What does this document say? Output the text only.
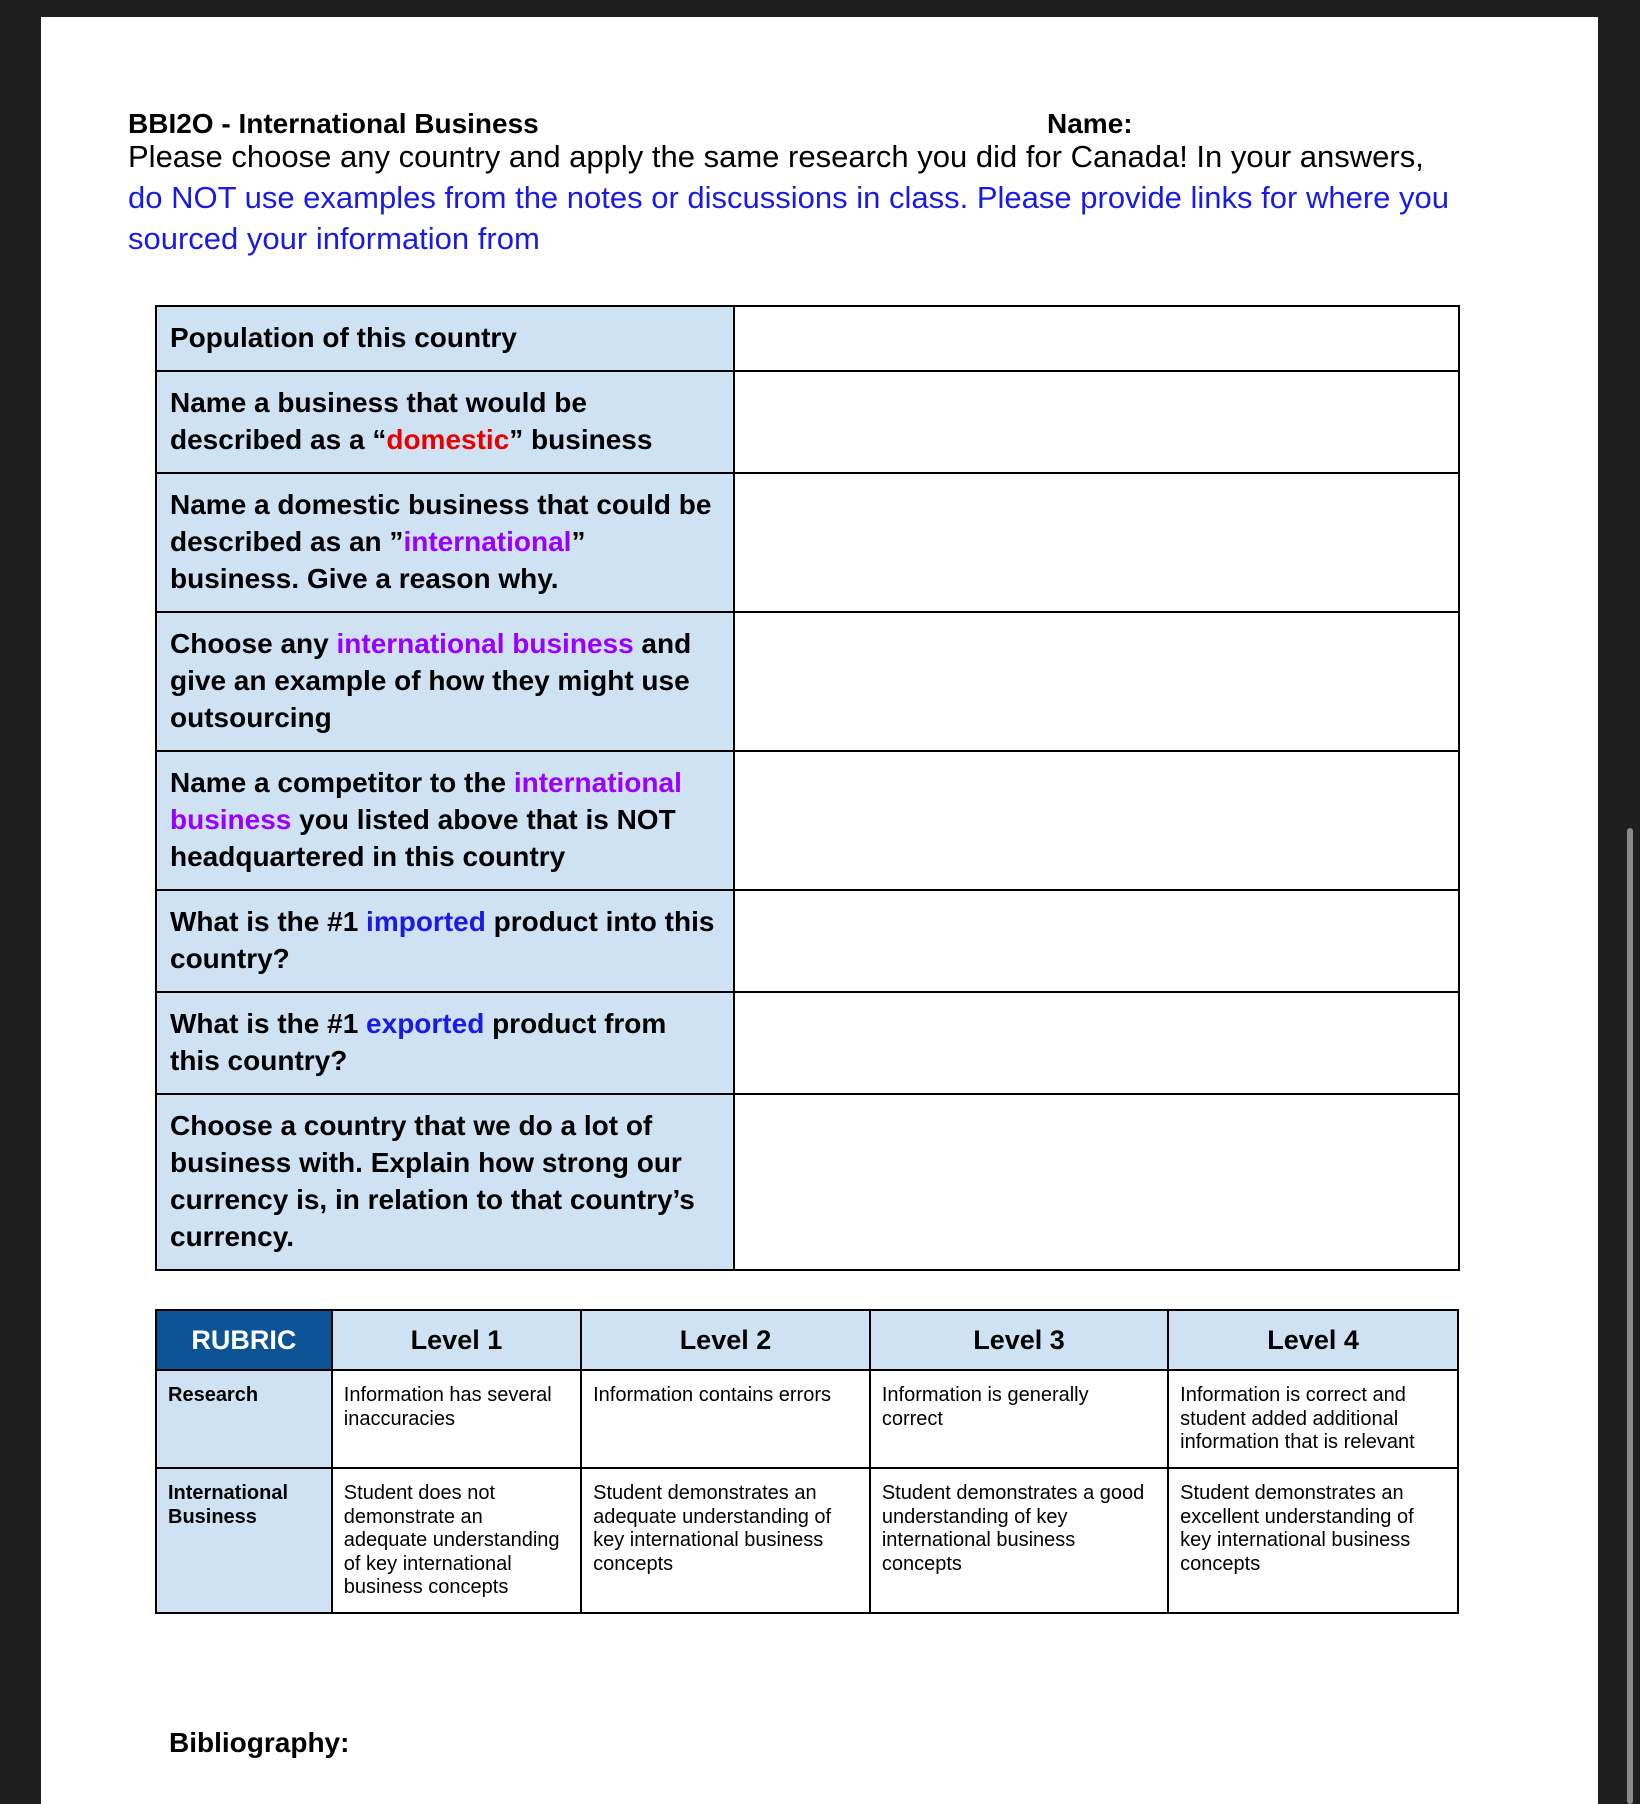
BBI2O - International Business	Name:

Please choose any country and apply the same research you did for Canada! In your answers, do NOT use examples from the notes or discussions in class. Please provide links for where you sourced your information from

Population of this country	
Name a business that would be described as a “domestic” business	
Name a domestic business that could be described as an ”international” business. Give a reason why.	
Choose any international business and give an example of how they might use outsourcing	
Name a competitor to the international business you listed above that is NOT headquartered in this country	
What is the #1 imported product into this country?	
What is the #1 exported product from this country?	
Choose a country that we do a lot of business with. Explain how strong our currency is, in relation to that country’s currency.	
RUBRIC	Level 1	Level 2	Level 3	Level 4
Research	Information has several inaccuracies	Information contains errors	Information is generally correct	Information is correct and student added additional information that is relevant
International Business	Student does not demonstrate an adequate understanding of key international business concepts	Student demonstrates an adequate understanding of key international business concepts	Student demonstrates a good understanding of key international business concepts	Student demonstrates an excellent understanding of key international business concepts
Bibliography:
